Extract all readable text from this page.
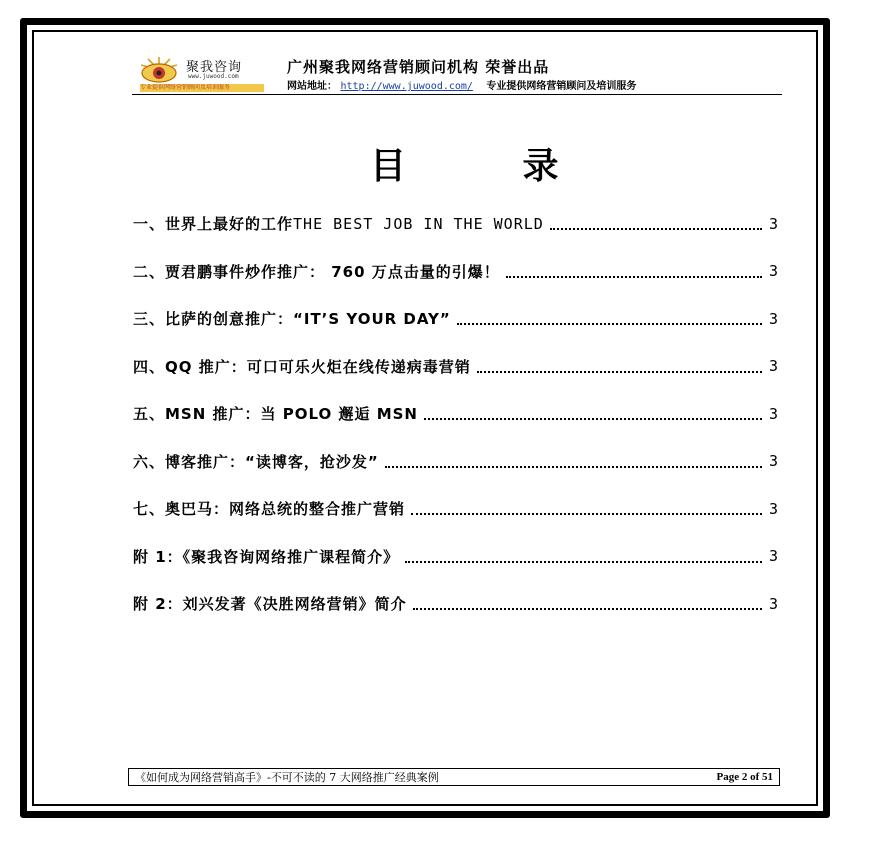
聚我咨询
www.juwood.com
专业提供网络营销顾问及培训服务
广州聚我网络营销顾问机构 荣誉出品
网站地址： http://www.juwood.com/ 专业提供网络营销顾问及培训服务
目 录
一、世界上最好的工作THE BEST JOB IN THE WORLD	3
二、贾君鹏事件炒作推广： 760 万点击量的引爆！	3
三、比萨的创意推广：“IT’S YOUR DAY”	3
四、QQ 推广：可口可乐火炬在线传递病毒营销	3
五、MSN 推广：当 POLO 邂逅 MSN	3
六、博客推广：“读博客，抢沙发”	3
七、奥巴马：网络总统的整合推广营销	3
附 1：《聚我咨询网络推广课程简介》	3
附 2：刘兴发著《决胜网络营销》简介	3
《如何成为网络营销高手》-不可不读的 7 大网络推广经典案例	Page 2 of 51
